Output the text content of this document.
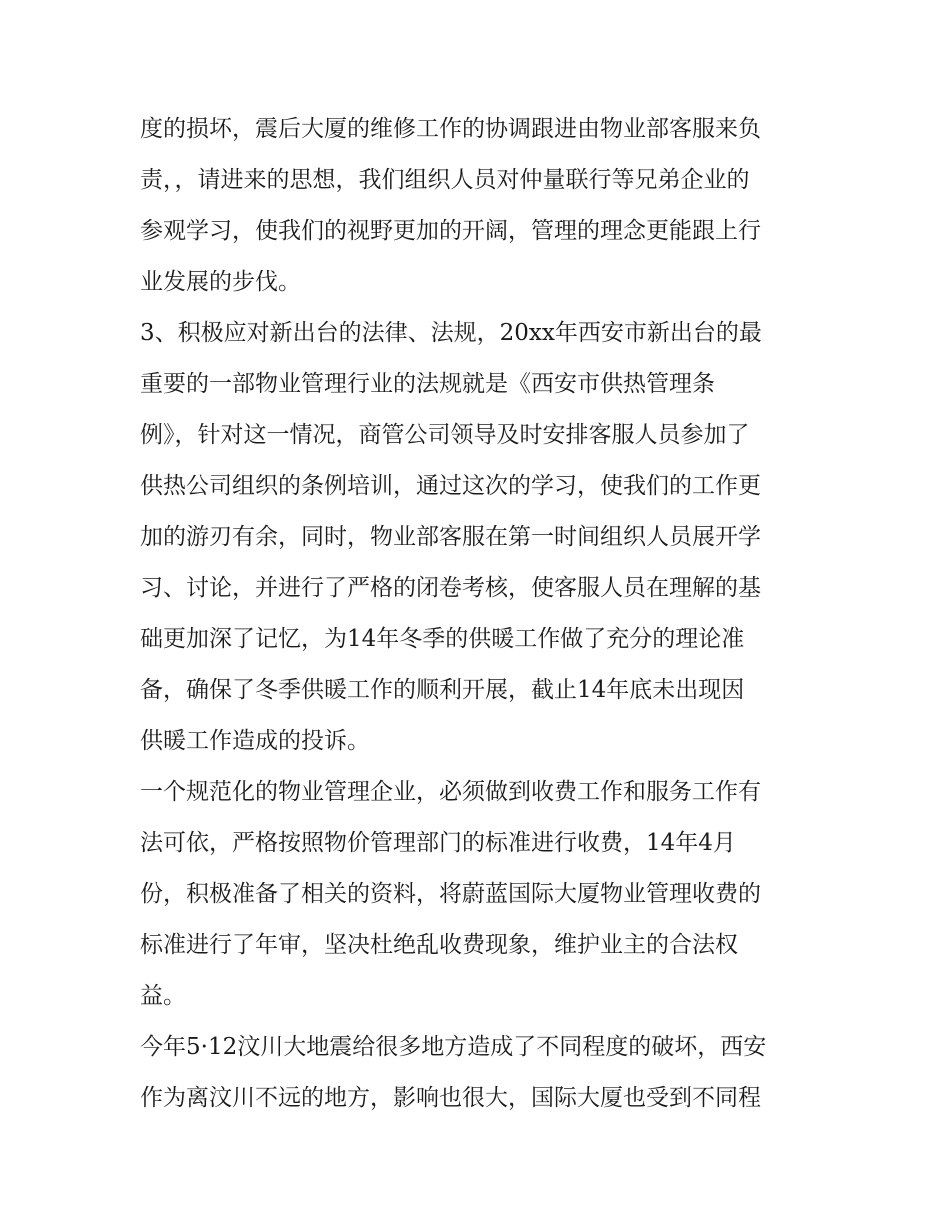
度的损坏，震后大厦的维修工作的协调跟进由物业部客服来负
责，，请进来的思想，我们组织人员对仲量联行等兄弟企业的
参观学习，使我们的视野更加的开阔，管理的理念更能跟上行
业发展的步伐。
3、积极应对新出台的法律、法规，20xx年西安市新出台的最
重要的一部物业管理行业的法规就是《西安市供热管理条
例》，针对这一情况，商管公司领导及时安排客服人员参加了
供热公司组织的条例培训，通过这次的学习，使我们的工作更
加的游刃有余，同时，物业部客服在第一时间组织人员展开学
习、讨论，并进行了严格的闭卷考核，使客服人员在理解的基
础更加深了记忆，为14年冬季的供暖工作做了充分的理论准
备，确保了冬季供暖工作的顺利开展，截止14年底未出现因
供暖工作造成的投诉。
一个规范化的物业管理企业，必须做到收费工作和服务工作有
法可依，严格按照物价管理部门的标准进行收费，14年4月
份，积极准备了相关的资料，将蔚蓝国际大厦物业管理收费的
标准进行了年审，坚决杜绝乱收费现象，维护业主的合法权
益。
今年5·12汶川大地震给很多地方造成了不同程度的破坏，西安
作为离汶川不远的地方，影响也很大，国际大厦也受到不同程
